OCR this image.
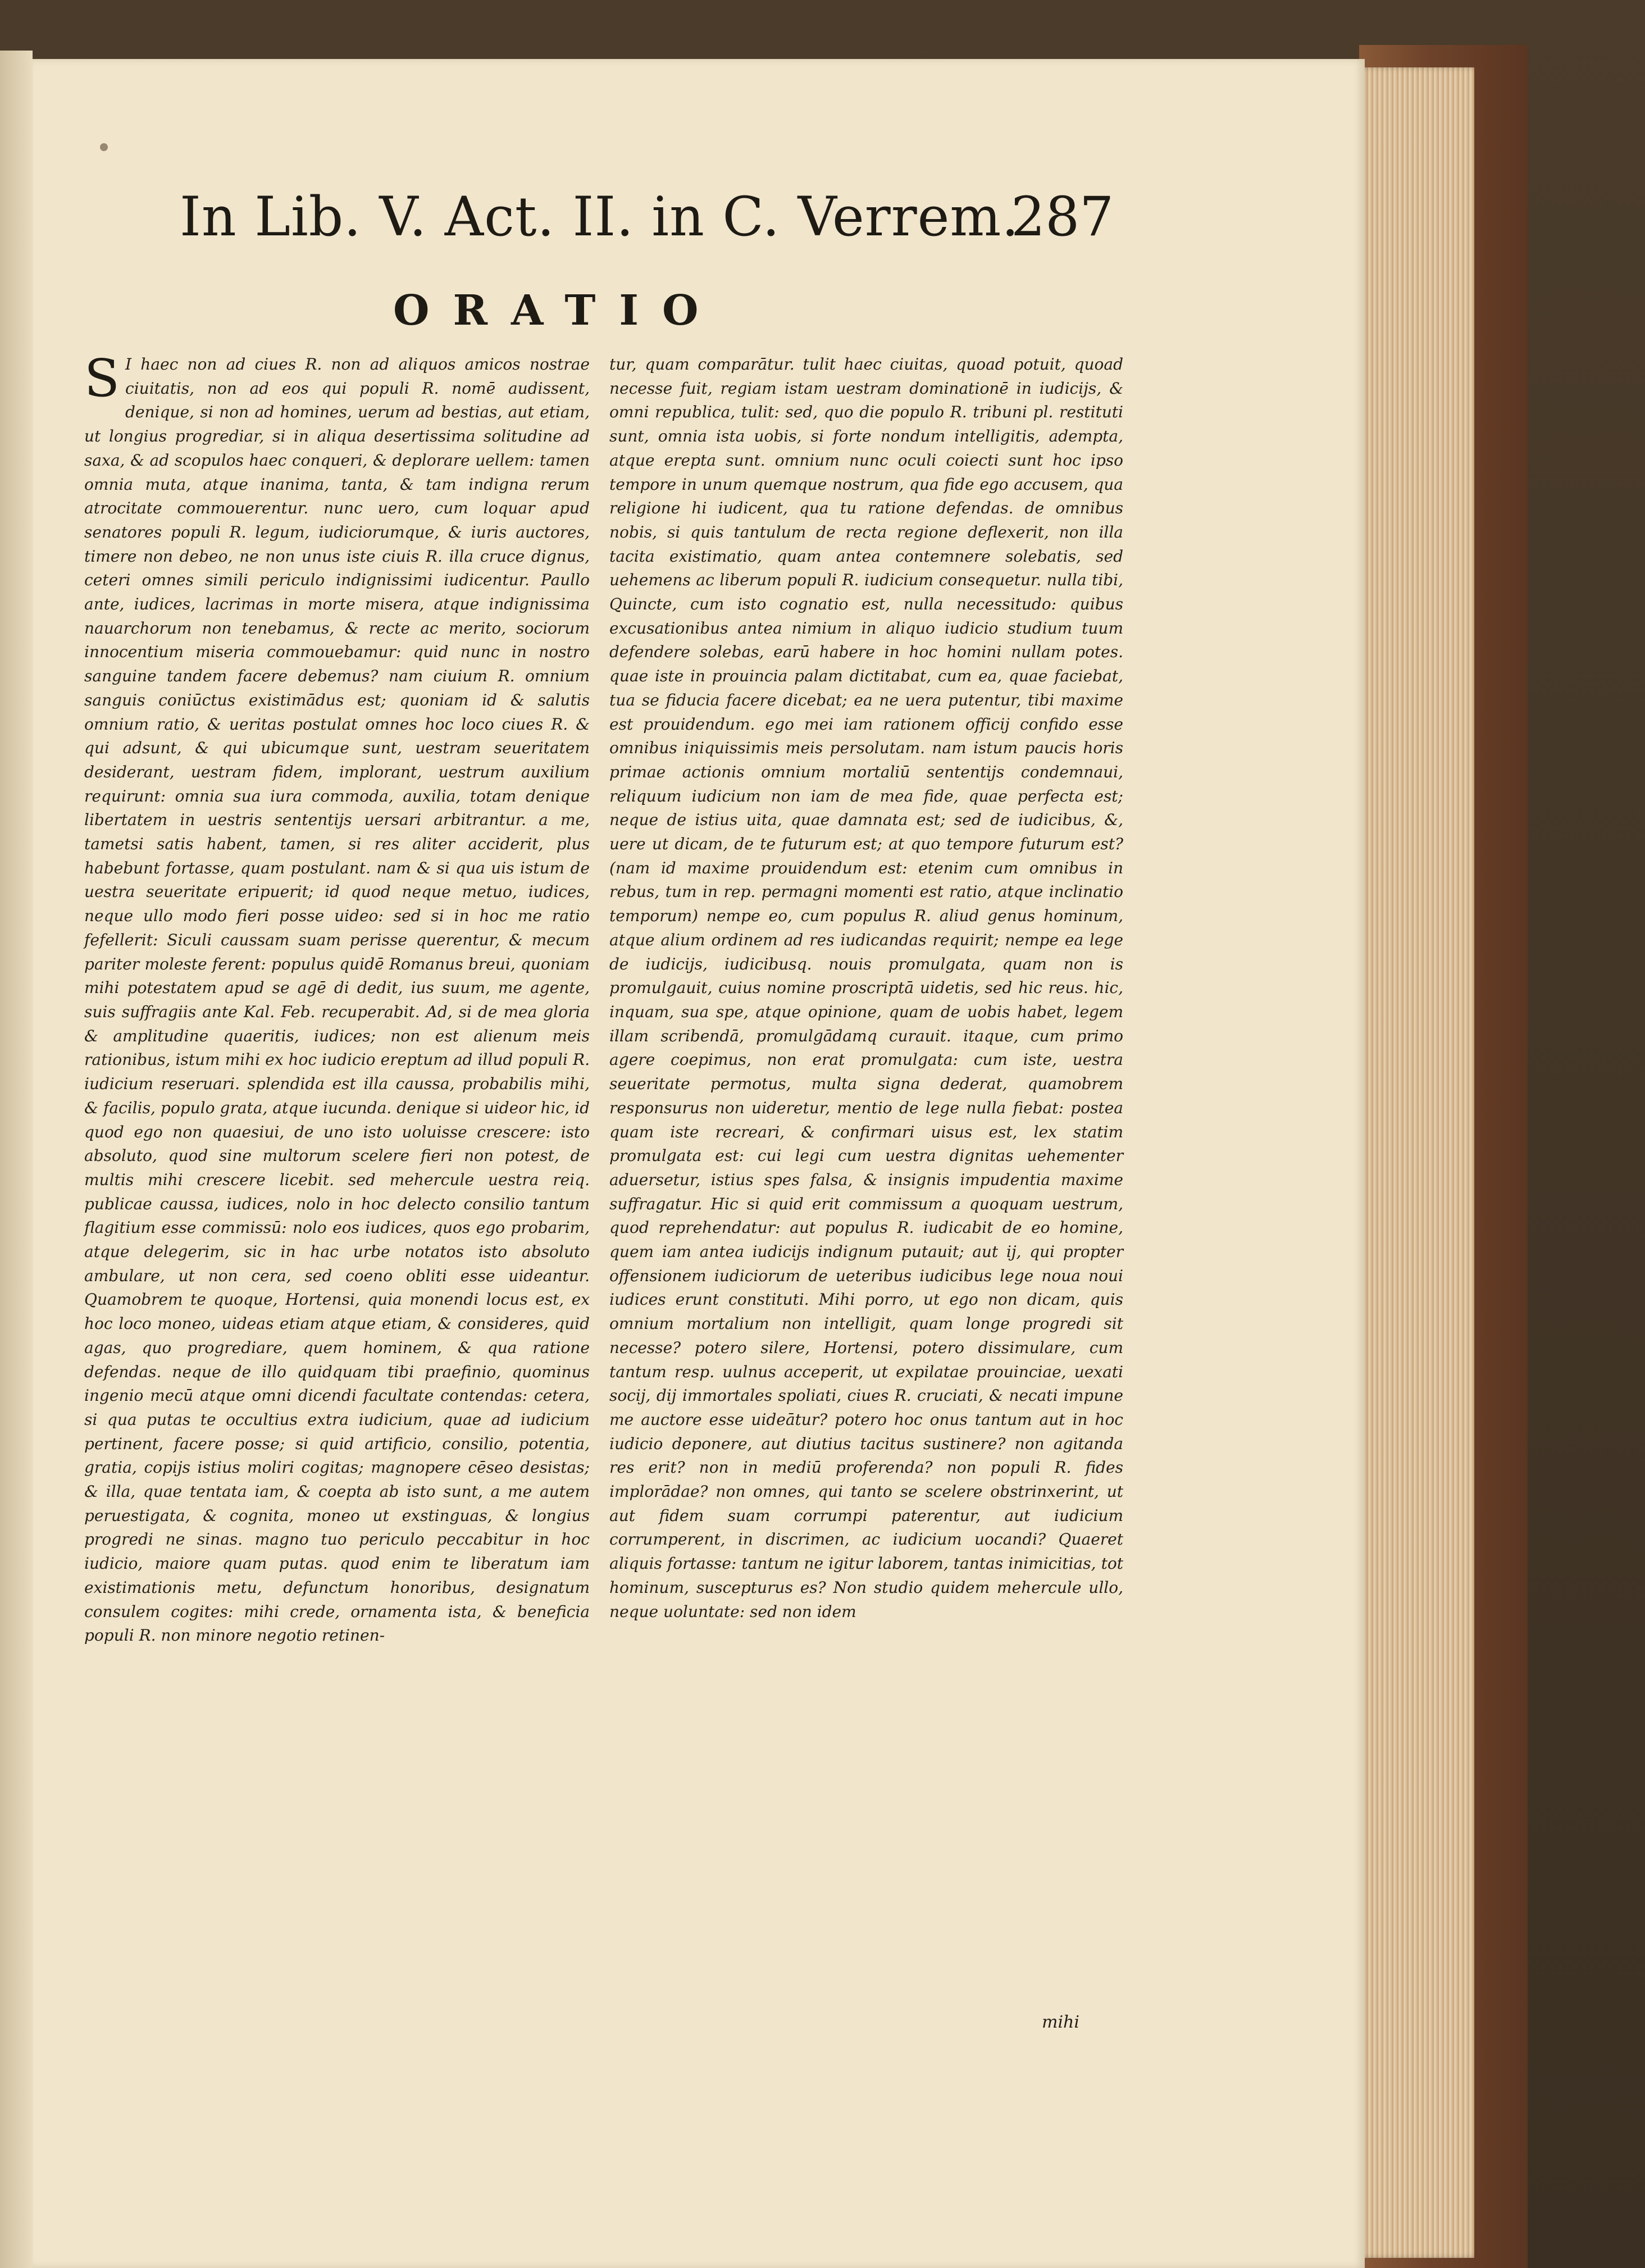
In Lib. V. Act. II. in C. Verrem.
287
ORATIO

S I haec non ad ciues R. non ad aliquos amicos nostrae ciuitatis, non ad eos qui populi R. nomē audissent, denique, si non ad homines, uerum ad bestias, aut etiam, ut longius progrediar, si in aliqua desertissima solitudine ad saxa, & ad scopulos haec conqueri, & deplorare uellem: tamen omnia muta, atque inanima, tanta, & tam indigna rerum atrocitate commouerentur. nunc uero, cum loquar apud senatores populi R. legum, iudiciorumque, & iuris auctores, timere non debeo, ne non unus iste ciuis R. illa cruce dignus, ceteri omnes simili periculo indignissimi iudicentur. Paullo ante, iudices, lacrimas in morte misera, atque indignissima nauarchorum non tenebamus, & recte ac merito, sociorum innocentium miseria commouebamur: quid nunc in nostro sanguine tandem facere debemus? nam ciuium R. omnium sanguis coniūctus existimādus est; quoniam id & salutis omnium ratio, & ueritas postulat omnes hoc loco ciues R. & qui adsunt, & qui ubicumque sunt, uestram seueritatem desiderant, uestram fidem, implorant, uestrum auxilium requirunt: omnia sua iura commoda, auxilia, totam denique libertatem in uestris sententijs uersari arbitrantur. a me, tametsi satis habent, tamen, si res aliter acciderit, plus habebunt fortasse, quam postulant. nam & si qua uis istum de uestra seueritate eripuerit; id quod neque metuo, iudices, neque ullo modo fieri posse uideo: sed si in hoc me ratio fefellerit: Siculi caussam suam perisse querentur, & mecum pariter moleste ferent: populus quidē Romanus breui, quoniam mihi potestatem apud se agē di dedit, ius suum, me agente, suis suffragiis ante Kal. Feb. recuperabit. Ad, si de mea gloria & amplitudine quaeritis, iudices; non est alienum meis rationibus, istum mihi ex hoc iudicio ereptum ad illud populi R. iudicium reseruari. splendida est illa caussa, probabilis mihi, & facilis, populo grata, atque iucunda. denique si uideor hic, id quod ego non quaesiui, de uno isto uoluisse crescere: isto absoluto, quod sine multorum scelere fieri non potest, de multis mihi crescere licebit. sed mehercule uestra reiq. publicae caussa, iudices, nolo in hoc delecto consilio tantum flagitium esse commissū: nolo eos iudices, quos ego probarim, atque delegerim, sic in hac urbe notatos isto absoluto ambulare, ut non cera, sed coeno obliti esse uideantur. Quamobrem te quoque, Hortensi, quia monendi locus est, ex hoc loco moneo, uideas etiam atque etiam, & consideres, quid agas, quo progrediare, quem hominem, & qua ratione defendas. neque de illo quidquam tibi praefinio, quominus ingenio mecū atque omni dicendi facultate contendas: cetera, si qua putas te occultius extra iudicium, quae ad iudicium pertinent, facere posse; si quid artificio, consilio, potentia, gratia, copijs istius moliri cogitas; magnopere cēseo desistas; & illa, quae tentata iam, & coepta ab isto sunt, a me autem peruestigata, & cognita, moneo ut exstinguas, & longius progredi ne sinas. magno tuo periculo peccabitur in hoc iudicio, maiore quam putas. quod enim te liberatum iam existimationis metu, defunctum honoribus, designatum consulem cogites: mihi crede, ornamenta ista, & beneficia populi R. non minore negotio retinen-

tur, quam comparātur. tulit haec ciuitas, quoad potuit, quoad necesse fuit, regiam istam uestram dominationē in iudicijs, & omni republica, tulit: sed, quo die populo R. tribuni pl. restituti sunt, omnia ista uobis, si forte nondum intelligitis, adempta, atque erepta sunt. omnium nunc oculi coiecti sunt hoc ipso tempore in unum quemque nostrum, qua fide ego accusem, qua religione hi iudicent, qua tu ratione defendas. de omnibus nobis, si quis tantulum de recta regione deflexerit, non illa tacita existimatio, quam antea contemnere solebatis, sed uehemens ac liberum populi R. iudicium consequetur. nulla tibi, Quincte, cum isto cognatio est, nulla necessitudo: quibus excusationibus antea nimium in aliquo iudicio studium tuum defendere solebas, earū habere in hoc homini nullam potes. quae iste in prouincia palam dictitabat, cum ea, quae faciebat, tua se fiducia facere dicebat; ea ne uera putentur, tibi maxime est prouidendum. ego mei iam rationem officij confido esse omnibus iniquissimis meis persolutam. nam istum paucis horis primae actionis omnium mortaliū sententijs condemnaui, reliquum iudicium non iam de mea fide, quae perfecta est; neque de istius uita, quae damnata est; sed de iudicibus, &, uere ut dicam, de te futurum est; at quo tempore futurum est? (nam id maxime prouidendum est: etenim cum omnibus in rebus, tum in rep. permagni momenti est ratio, atque inclinatio temporum) nempe eo, cum populus R. aliud genus hominum, atque alium ordinem ad res iudicandas requirit; nempe ea lege de iudicijs, iudicibusq. nouis promulgata, quam non is promulgauit, cuius nomine proscriptā uidetis, sed hic reus. hic, inquam, sua spe, atque opinione, quam de uobis habet, legem illam scribendā, promulgādamq curauit. itaque, cum primo agere coepimus, non erat promulgata: cum iste, uestra seueritate permotus, multa signa dederat, quamobrem responsurus non uideretur, mentio de lege nulla fiebat: postea quam iste recreari, & confirmari uisus est, lex statim promulgata est: cui legi cum uestra dignitas uehementer aduersetur, istius spes falsa, & insignis impudentia maxime suffragatur. Hic si quid erit commissum a quoquam uestrum, quod reprehendatur: aut populus R. iudicabit de eo homine, quem iam antea iudicijs indignum putauit; aut ij, qui propter offensionem iudiciorum de ueteribus iudicibus lege noua noui iudices erunt constituti. Mihi porro, ut ego non dicam, quis omnium mortalium non intelligit, quam longe progredi sit necesse? potero silere, Hortensi, potero dissimulare, cum tantum resp. uulnus acceperit, ut expilatae prouinciae, uexati socij, dij immortales spoliati, ciues R. cruciati, & necati impune me auctore esse uideātur? potero hoc onus tantum aut in hoc iudicio deponere, aut diutius tacitus sustinere? non agitanda res erit? non in mediū proferenda? non populi R. fides implorādae? non omnes, qui tanto se scelere obstrinxerint, ut aut fidem suam corrumpi paterentur, aut iudicium corrumperent, in discrimen, ac iudicium uocandi? Quaeret aliquis fortasse: tantum ne igitur laborem, tantas inimicitias, tot hominum, suscepturus es? Non studio quidem mehercule ullo, neque uoluntate: sed non idem

mihi
